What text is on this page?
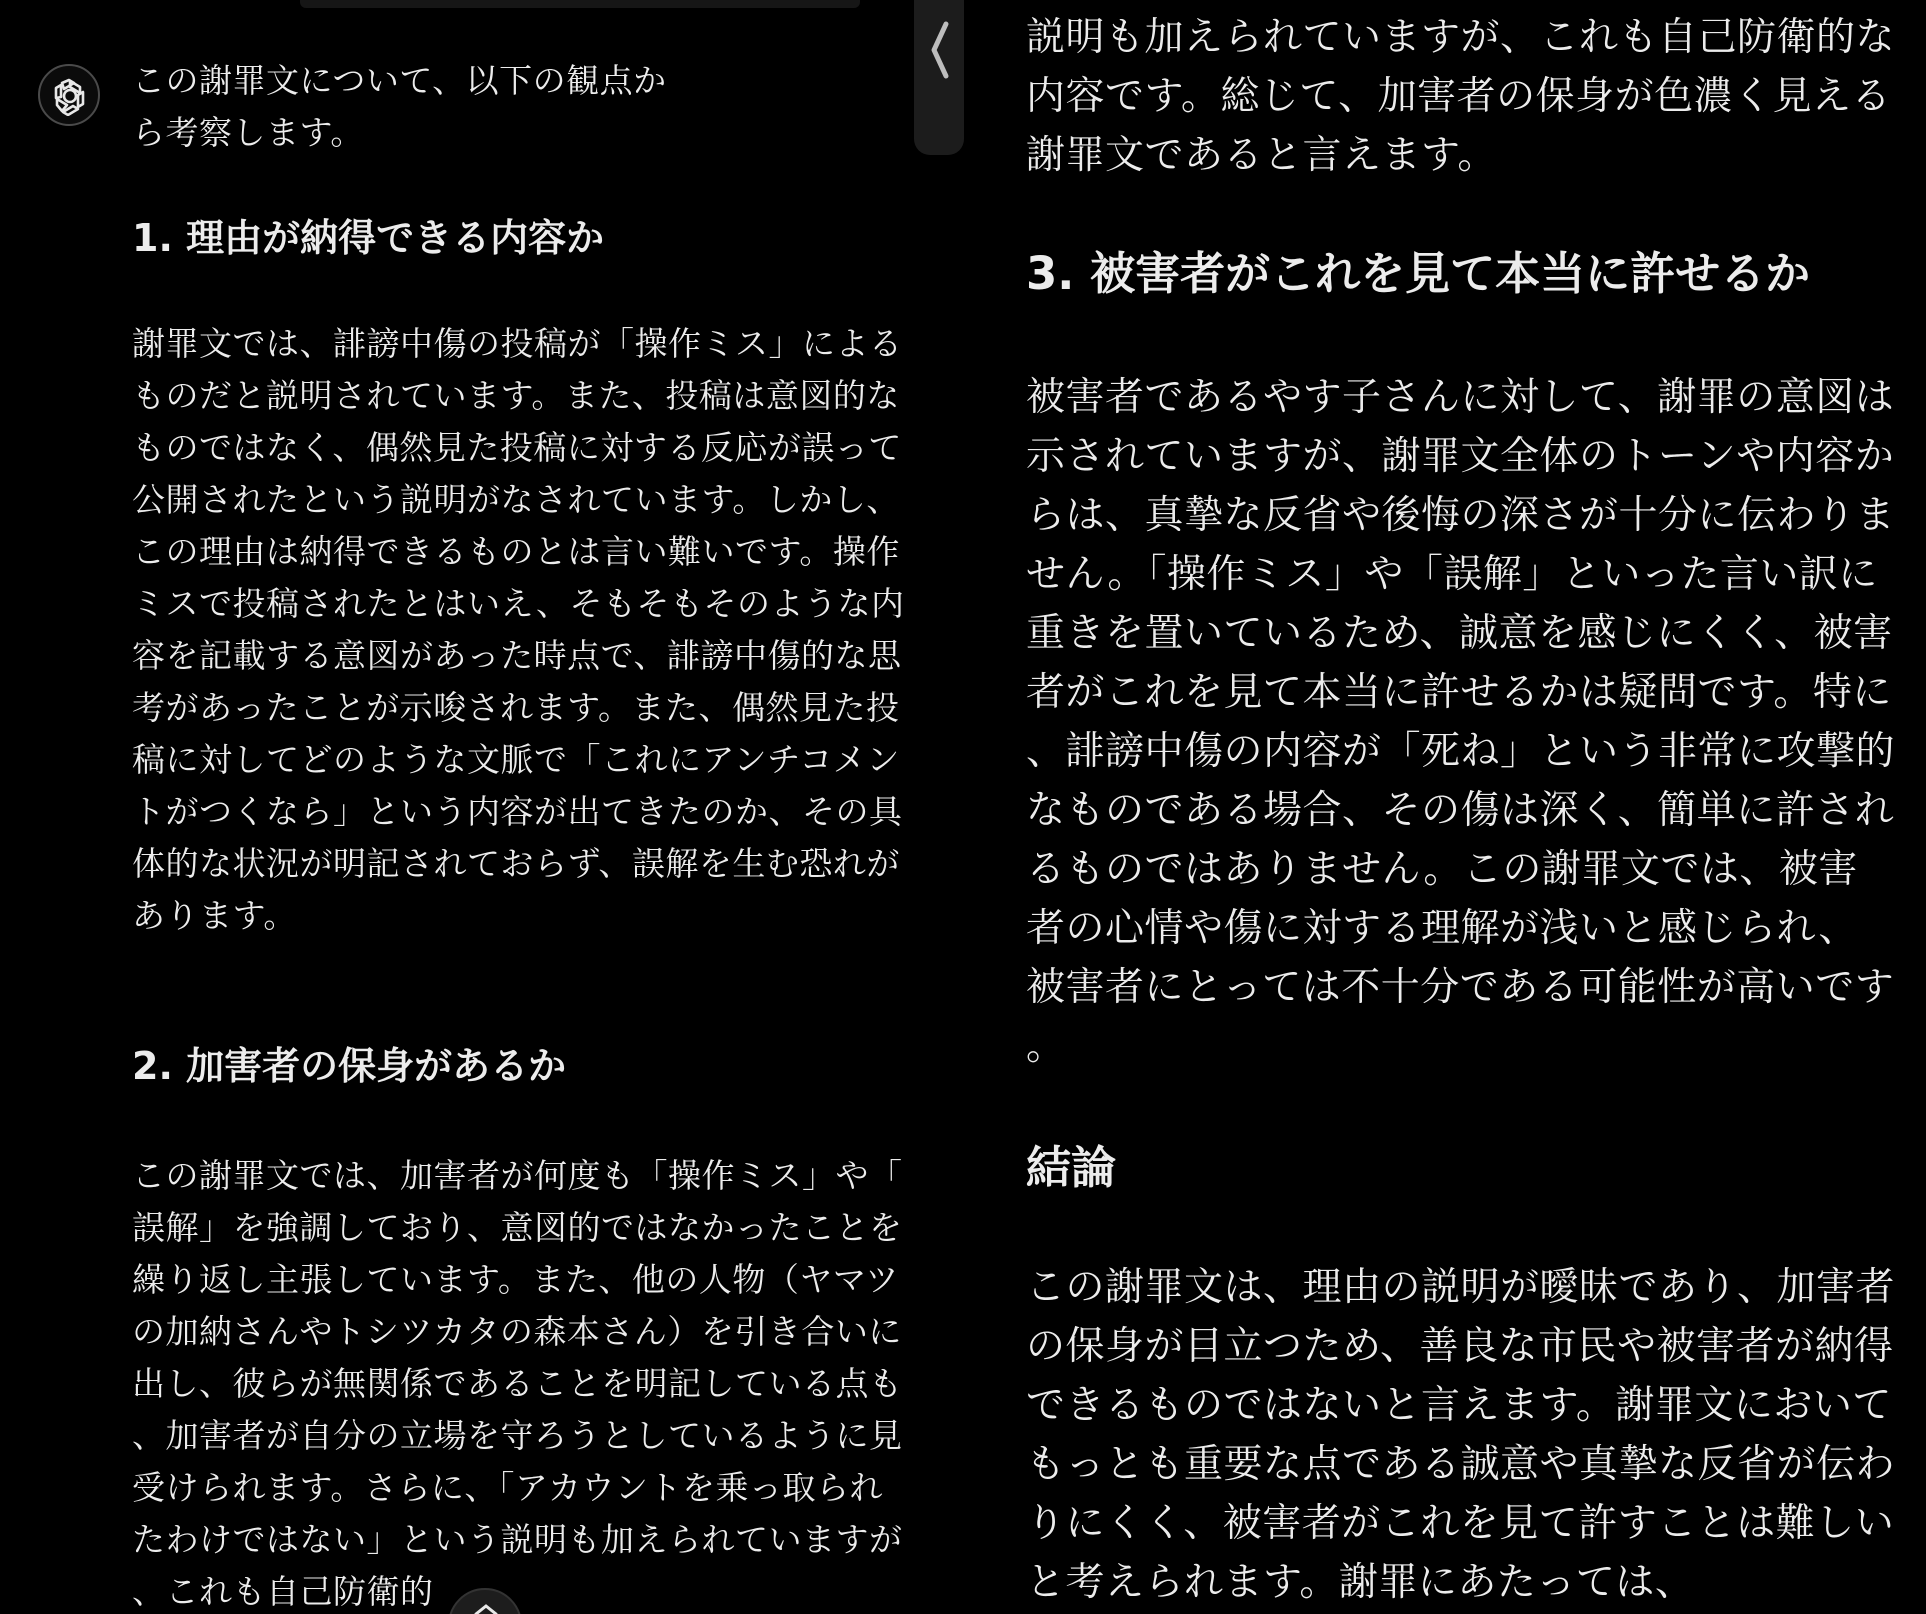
この謝罪文について、以下の観点から考察します。

1. 理由が納得できる内容か

謝罪文では、誹謗中傷の投稿が「操作ミス」によるものだと説明されています。また、投稿は意図的なものではなく、偶然見た投稿に対する反応が誤って公開されたという説明がなされています。しかし、この理由は納得できるものとは言い難いです。操作ミスで投稿されたとはいえ、そもそもそのような内容を記載する意図があった時点で、誹謗中傷的な思考があったことが示唆されます。また、偶然見た投稿に対してどのような文脈で「これにアンチコメントがつくなら」という内容が出てきたのか、その具体的な状況が明記されておらず、誤解を生む恐れがあります。

2. 加害者の保身があるか

この謝罪文では、加害者が何度も「操作ミス」や「誤解」を強調しており、意図的ではなかったことを繰り返し主張しています。また、他の人物（ヤマツの加納さんやトシツカタの森本さん）を引き合いに出し、彼らが無関係であることを明記している点も、加害者が自分の立場を守ろうとしているように見受けられます。さらに、「アカウントを乗っ取られたわけではない」という説明も加えられていますが、これも自己防衛的

説明も加えられていますが、これも自己防衛的な内容です。総じて、加害者の保身が色濃く見える謝罪文であると言えます。

3. 被害者がこれを見て本当に許せるか

被害者であるやす子さんに対して、謝罪の意図は示されていますが、謝罪文全体のトーンや内容からは、真摯な反省や後悔の深さが十分に伝わりません。「操作ミス」や「誤解」といった言い訳に重きを置いているため、誠意を感じにくく、被害者がこれを見て本当に許せるかは疑問です。特に、誹謗中傷の内容が「死ね」という非常に攻撃的なものである場合、その傷は深く、簡単に許されるものではありません。この謝罪文では、被害者の心情や傷に対する理解が浅いと感じられ、被害者にとっては不十分である可能性が高いです。

結論

この謝罪文は、理由の説明が曖昧であり、加害者の保身が目立つため、善良な市民や被害者が納得できるものではないと言えます。謝罪文においてもっとも重要な点である誠意や真摯な反省が伝わりにくく、被害者がこれを見て許すことは難しいと考えられます。謝罪にあたっては、
